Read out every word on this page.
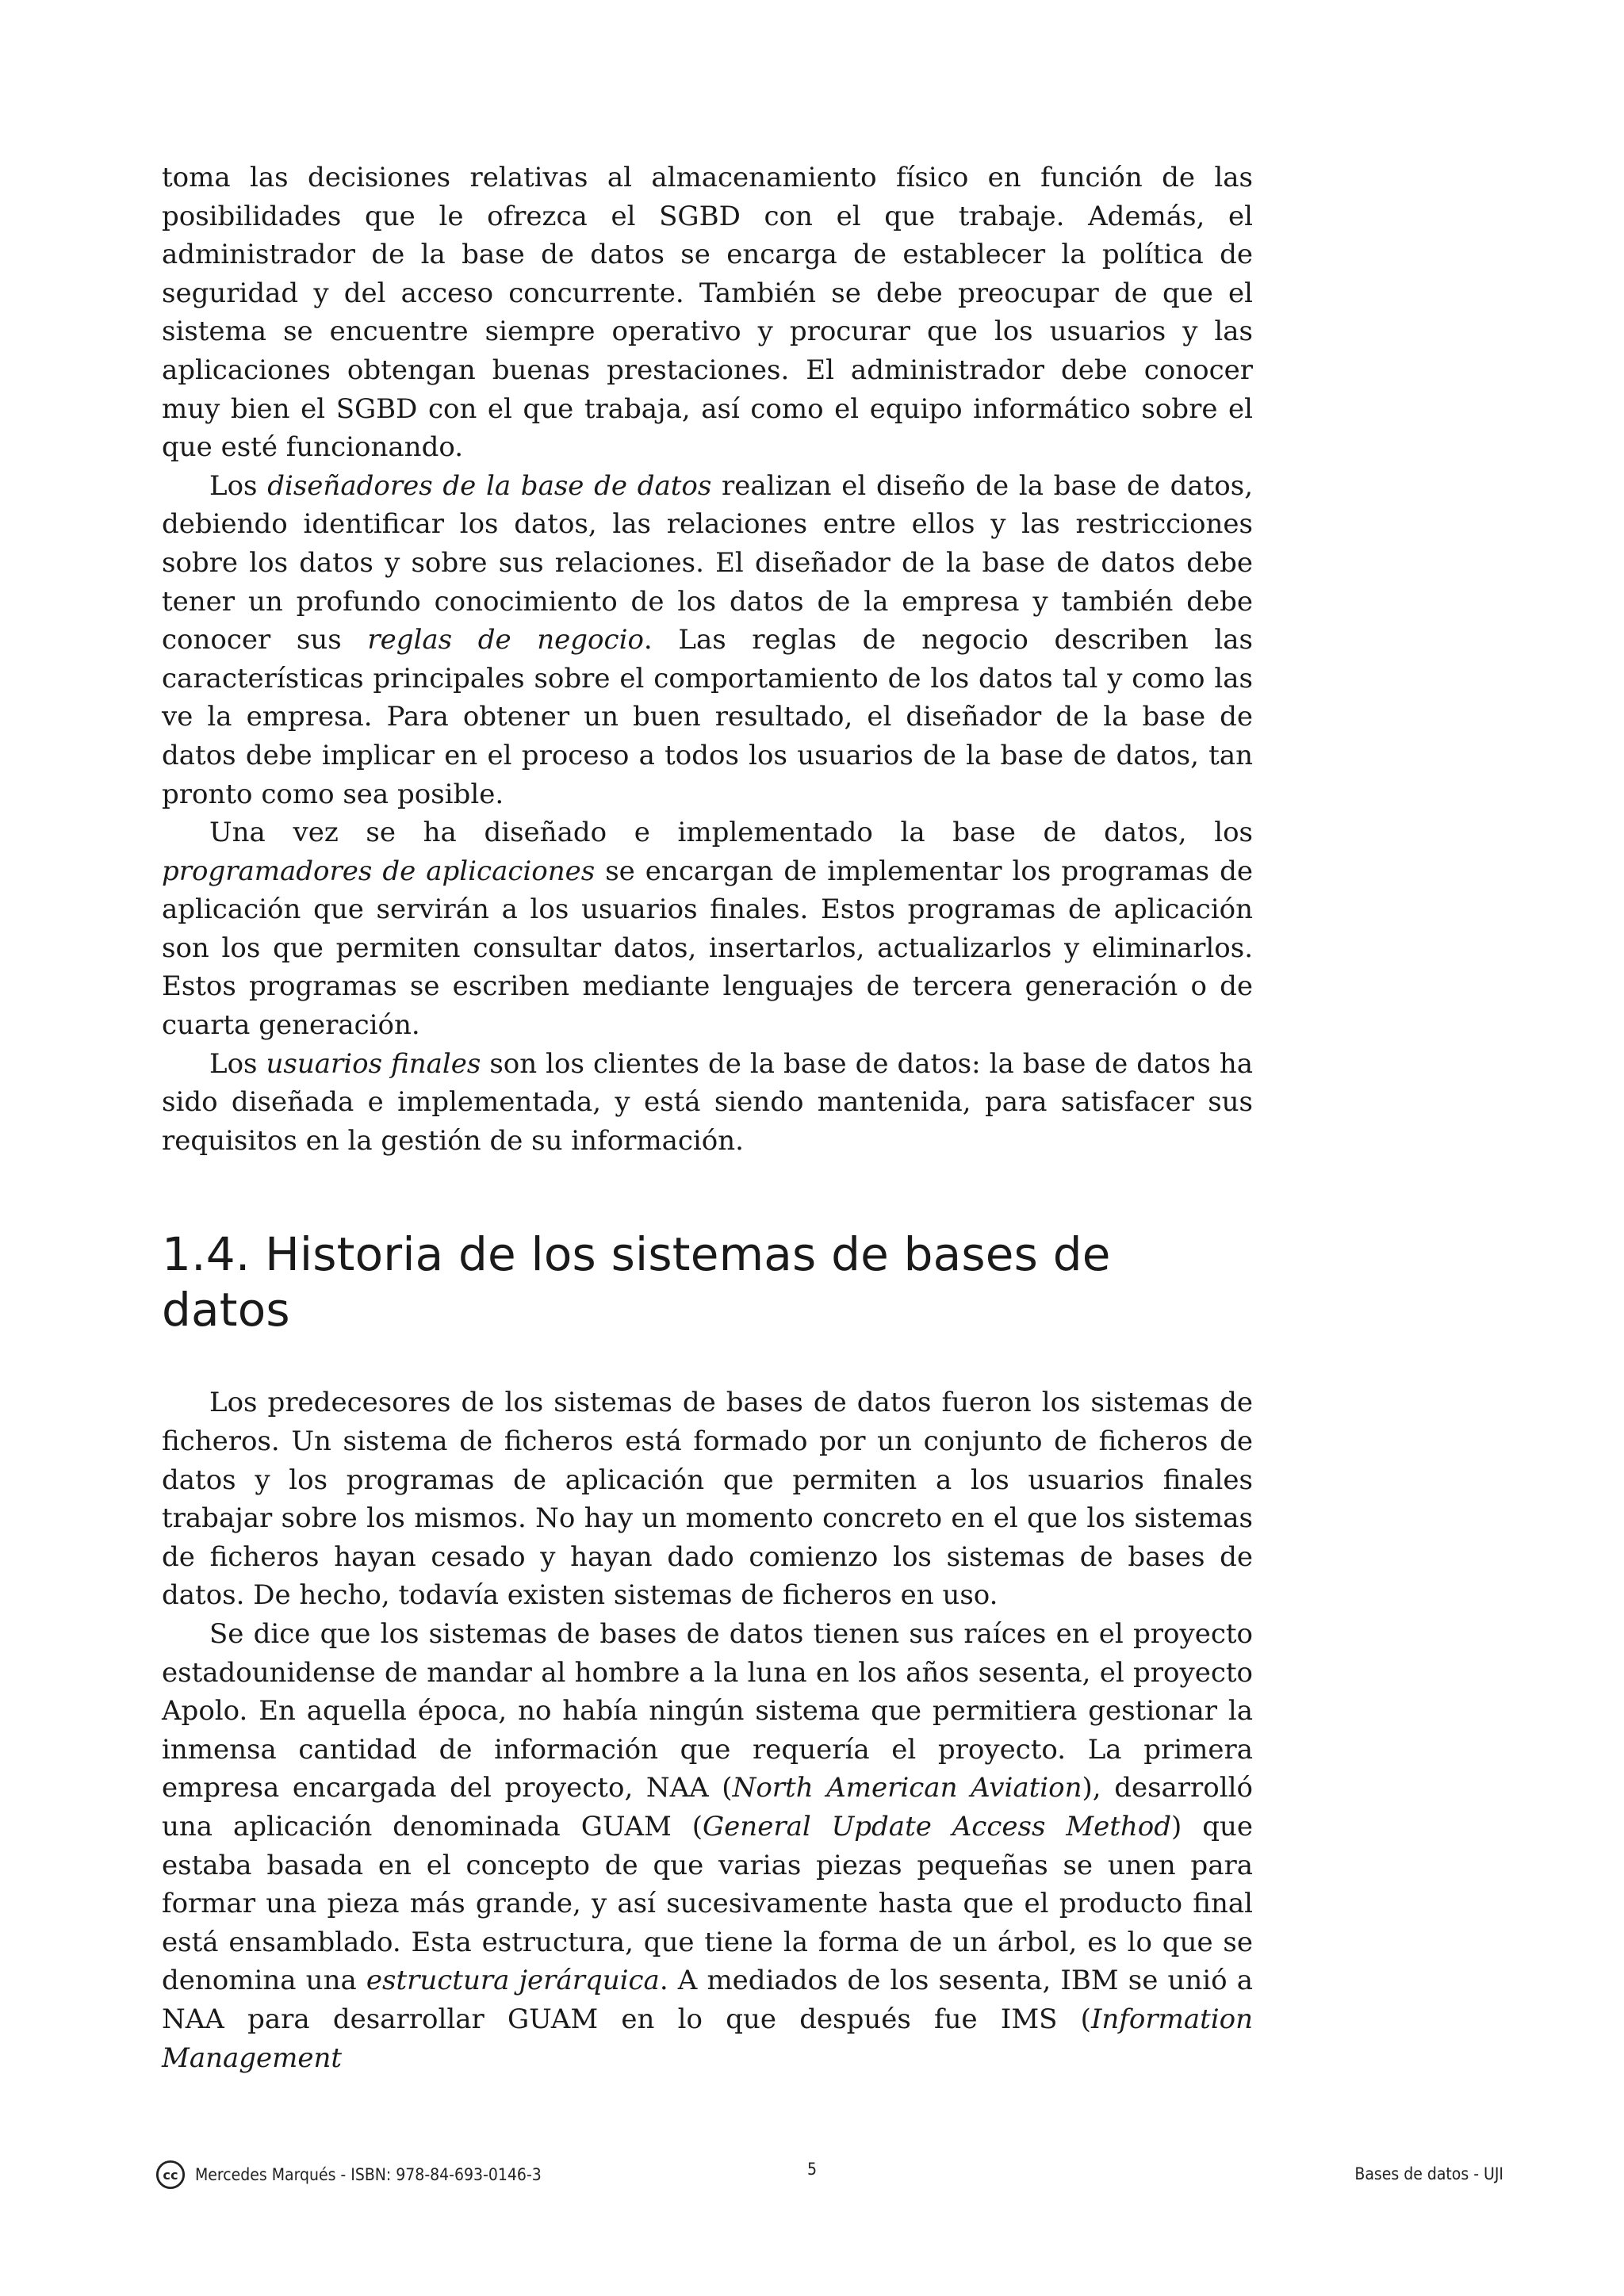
toma las decisiones relativas al almacenamiento físico en función de las posibilidades que le ofrezca el SGBD con el que trabaje. Además, el administrador de la base de datos se encarga de establecer la política de seguridad y del acceso concurrente. También se debe preocupar de que el sistema se encuentre siempre operativo y procurar que los usuarios y las aplicaciones obtengan buenas prestaciones. El administrador debe conocer muy bien el SGBD con el que trabaja, así como el equipo informático sobre el que esté funcionando.

Los diseñadores de la base de datos realizan el diseño de la base de datos, debiendo identificar los datos, las relaciones entre ellos y las restricciones sobre los datos y sobre sus relaciones. El diseñador de la base de datos debe tener un profundo conocimiento de los datos de la empresa y también debe conocer sus reglas de negocio. Las reglas de negocio describen las características principales sobre el comportamiento de los datos tal y como las ve la empresa. Para obtener un buen resultado, el diseñador de la base de datos debe implicar en el proceso a todos los usuarios de la base de datos, tan pronto como sea posible.

Una vez se ha diseñado e implementado la base de datos, los programadores de aplicaciones se encargan de implementar los programas de aplicación que servirán a los usuarios finales. Estos programas de aplicación son los que permiten consultar datos, insertarlos, actualizarlos y eliminarlos. Estos programas se escriben mediante lenguajes de tercera generación o de cuarta generación.

Los usuarios finales son los clientes de la base de datos: la base de datos ha sido diseñada e implementada, y está siendo mantenida, para satisfacer sus requisitos en la gestión de su información.

1.4. Historia de los sistemas de bases de datos

Los predecesores de los sistemas de bases de datos fueron los sistemas de ficheros. Un sistema de ficheros está formado por un conjunto de ficheros de datos y los programas de aplicación que permiten a los usuarios finales trabajar sobre los mismos. No hay un momento concreto en el que los sistemas de ficheros hayan cesado y hayan dado comienzo los sistemas de bases de datos. De hecho, todavía existen sistemas de ficheros en uso.

Se dice que los sistemas de bases de datos tienen sus raíces en el proyecto estadounidense de mandar al hombre a la luna en los años sesenta, el proyecto Apolo. En aquella época, no había ningún sistema que permitiera gestionar la inmensa cantidad de información que requería el proyecto. La primera empresa encargada del proyecto, NAA (North American Aviation), desarrolló una aplicación denominada GUAM (General Update Access Method) que estaba basada en el concepto de que varias piezas pequeñas se unen para formar una pieza más grande, y así sucesivamente hasta que el producto final está ensamblado. Esta estructura, que tiene la forma de un árbol, es lo que se denomina una estructura jerárquica. A mediados de los sesenta, IBM se unió a NAA para desarrollar GUAM en lo que después fue IMS (Information Management

cc Mercedes Marqués - ISBN: 978-84-693-0146-3	5	Bases de datos - UJI
